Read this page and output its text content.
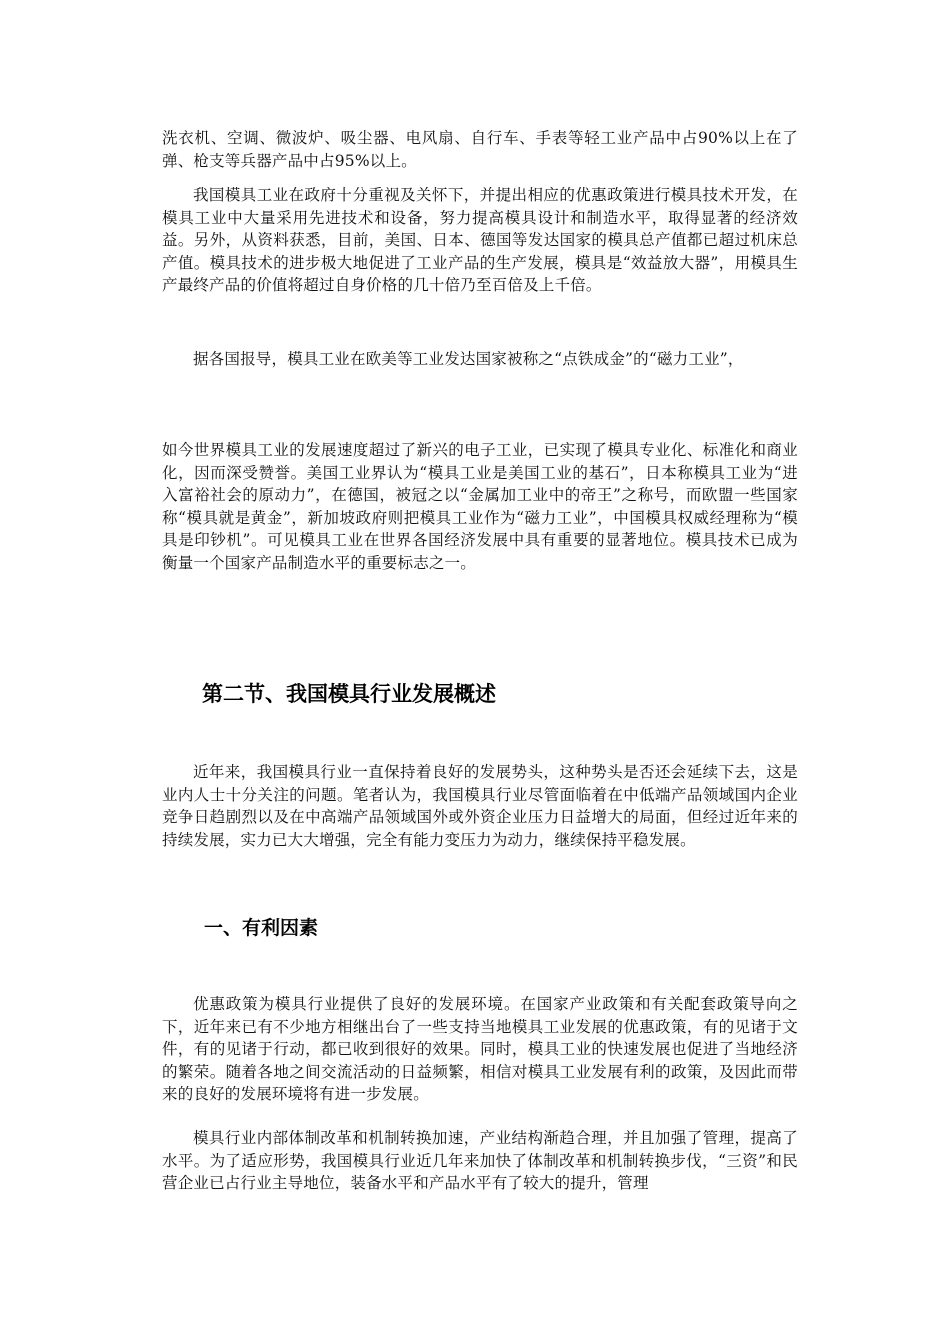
洗衣机、空调、微波炉、吸尘器、电风扇、自行车、手表等轻工业产品中占90%以上在了弹、枪支等兵器产品中占95%以上。

我国模具工业在政府十分重视及关怀下，并提出相应的优惠政策进行模具技术开发，在模具工业中大量采用先进技术和设备，努力提高模具设计和制造水平，取得显著的经济效益。另外，从资料获悉，目前，美国、日本、德国等发达国家的模具总产值都已超过机床总产值。模具技术的进步极大地促进了工业产品的生产发展，模具是“效益放大器”，用模具生产最终产品的价值将超过自身价格的几十倍乃至百倍及上千倍。

据各国报导，模具工业在欧美等工业发达国家被称之“点铁成金”的“磁力工业”，

如今世界模具工业的发展速度超过了新兴的电子工业，已实现了模具专业化、标准化和商业化，因而深受赞誉。美国工业界认为“模具工业是美国工业的基石”，日本称模具工业为“进入富裕社会的原动力”，在德国，被冠之以“金属加工业中的帝王”之称号，而欧盟一些国家称“模具就是黄金”，新加坡政府则把模具工业作为“磁力工业”，中国模具权威经理称为“模具是印钞机”。可见模具工业在世界各国经济发展中具有重要的显著地位。模具技术已成为衡量一个国家产品制造水平的重要标志之一。

第二节、我国模具行业发展概述

近年来，我国模具行业一直保持着良好的发展势头，这种势头是否还会延续下去，这是业内人士十分关注的问题。笔者认为，我国模具行业尽管面临着在中低端产品领域国内企业竞争日趋剧烈以及在中高端产品领域国外或外资企业压力日益增大的局面，但经过近年来的持续发展，实力已大大增强，完全有能力变压力为动力，继续保持平稳发展。

一、有利因素

优惠政策为模具行业提供了良好的发展环境。在国家产业政策和有关配套政策导向之下，近年来已有不少地方相继出台了一些支持当地模具工业发展的优惠政策，有的见诸于文件，有的见诸于行动，都已收到很好的效果。同时，模具工业的快速发展也促进了当地经济的繁荣。随着各地之间交流活动的日益频繁，相信对模具工业发展有利的政策，及因此而带来的良好的发展环境将有进一步发展。

模具行业内部体制改革和机制转换加速，产业结构渐趋合理，并且加强了管理，提高了水平。为了适应形势，我国模具行业近几年来加快了体制改革和机制转换步伐，“三资”和民营企业已占行业主导地位，装备水平和产品水平有了较大的提升，管理
